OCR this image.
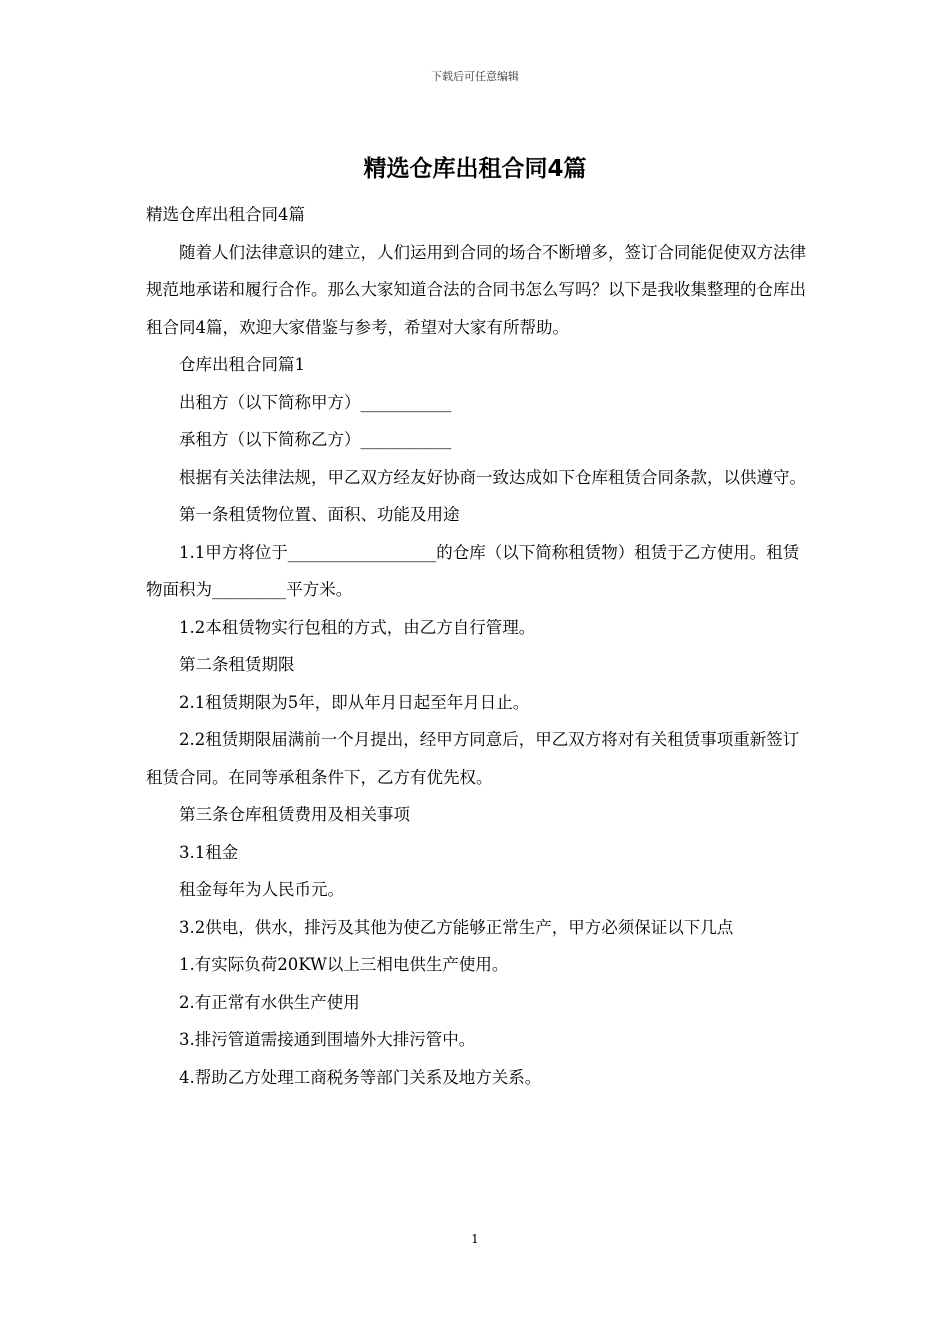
下载后可任意编辑
精选仓库出租合同4篇

精选仓库出租合同4篇

随着人们法律意识的建立，人们运用到合同的场合不断增多，签订合同能促使双方法律规范地承诺和履行合作。那么大家知道合法的合同书怎么写吗？以下是我收集整理的仓库出租合同4篇，欢迎大家借鉴与参考，希望对大家有所帮助。

仓库出租合同篇1

出租方（以下简称甲方）___________

承租方（以下简称乙方）___________

根据有关法律法规，甲乙双方经友好协商一致达成如下仓库租赁合同条款，以供遵守。

第一条租赁物位置、面积、功能及用途

1.1甲方将位于__________________的仓库（以下简称租赁物）租赁于乙方使用。租赁物面积为_________平方米。

1.2本租赁物实行包租的方式，由乙方自行管理。

第二条租赁期限

2.1租赁期限为5年，即从年月日起至年月日止。

2.2租赁期限届满前一个月提出，经甲方同意后，甲乙双方将对有关租赁事项重新签订租赁合同。在同等承租条件下，乙方有优先权。

第三条仓库租赁费用及相关事项

3.1租金

租金每年为人民币元。

3.2供电，供水，排污及其他为使乙方能够正常生产，甲方必须保证以下几点

1.有实际负荷20KW以上三相电供生产使用。

2.有正常有水供生产使用

3.排污管道需接通到围墙外大排污管中。

4.帮助乙方处理工商税务等部门关系及地方关系。

1
